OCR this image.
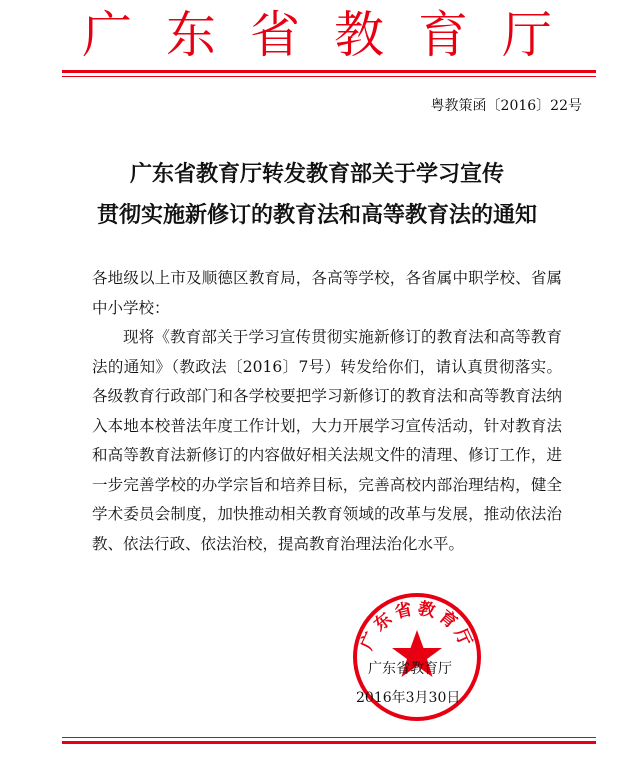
广东省教育厅
粤教策函〔2016〕22号
广东省教育厅转发教育部关于学习宣传
贯彻实施新修订的教育法和高等教育法的通知
各地级以上市及顺德区教育局，各高等学校，各省属中职学校、省属中小学校：
现将《教育部关于学习宣传贯彻实施新修订的教育法和高等教育法的通知》（教政法〔2016〕7号）转发给你们，请认真贯彻落实。各级教育行政部门和各学校要把学习新修订的教育法和高等教育法纳入本地本校普法年度工作计划，大力开展学习宣传活动，针对教育法和高等教育法新修订的内容做好相关法规文件的清理、修订工作，进一步完善学校的办学宗旨和培养目标，完善高校内部治理结构，健全学术委员会制度，加快推动相关教育领域的改革与发展，推动依法治教、依法行政、依法治校，提高教育治理法治化水平。
广东省教育厅
广东省教育厅
2016年3月30日
